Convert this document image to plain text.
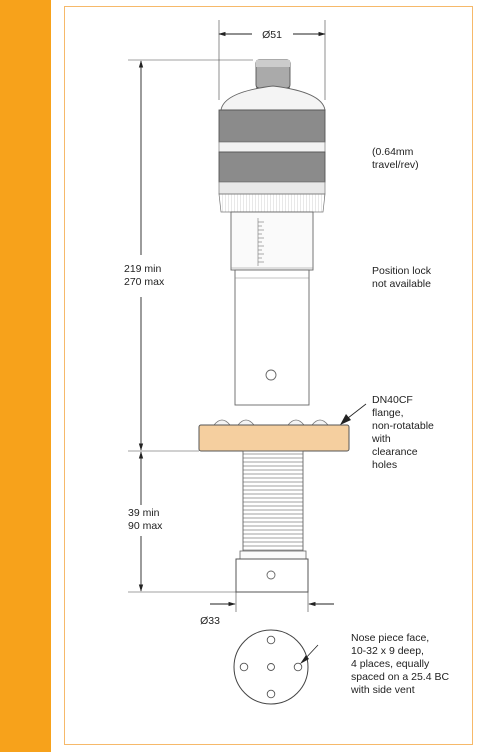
Ø51
219 min 270 max
39 min 90 max
Ø33
Nose piece face, 10-32 x 9 deep, 4 places, equally spaced on a 25.4 BC with side vent
(0.64mm travel/rev)
Position lock not available
DN40CF flange, non-rotatable with clearance holes
